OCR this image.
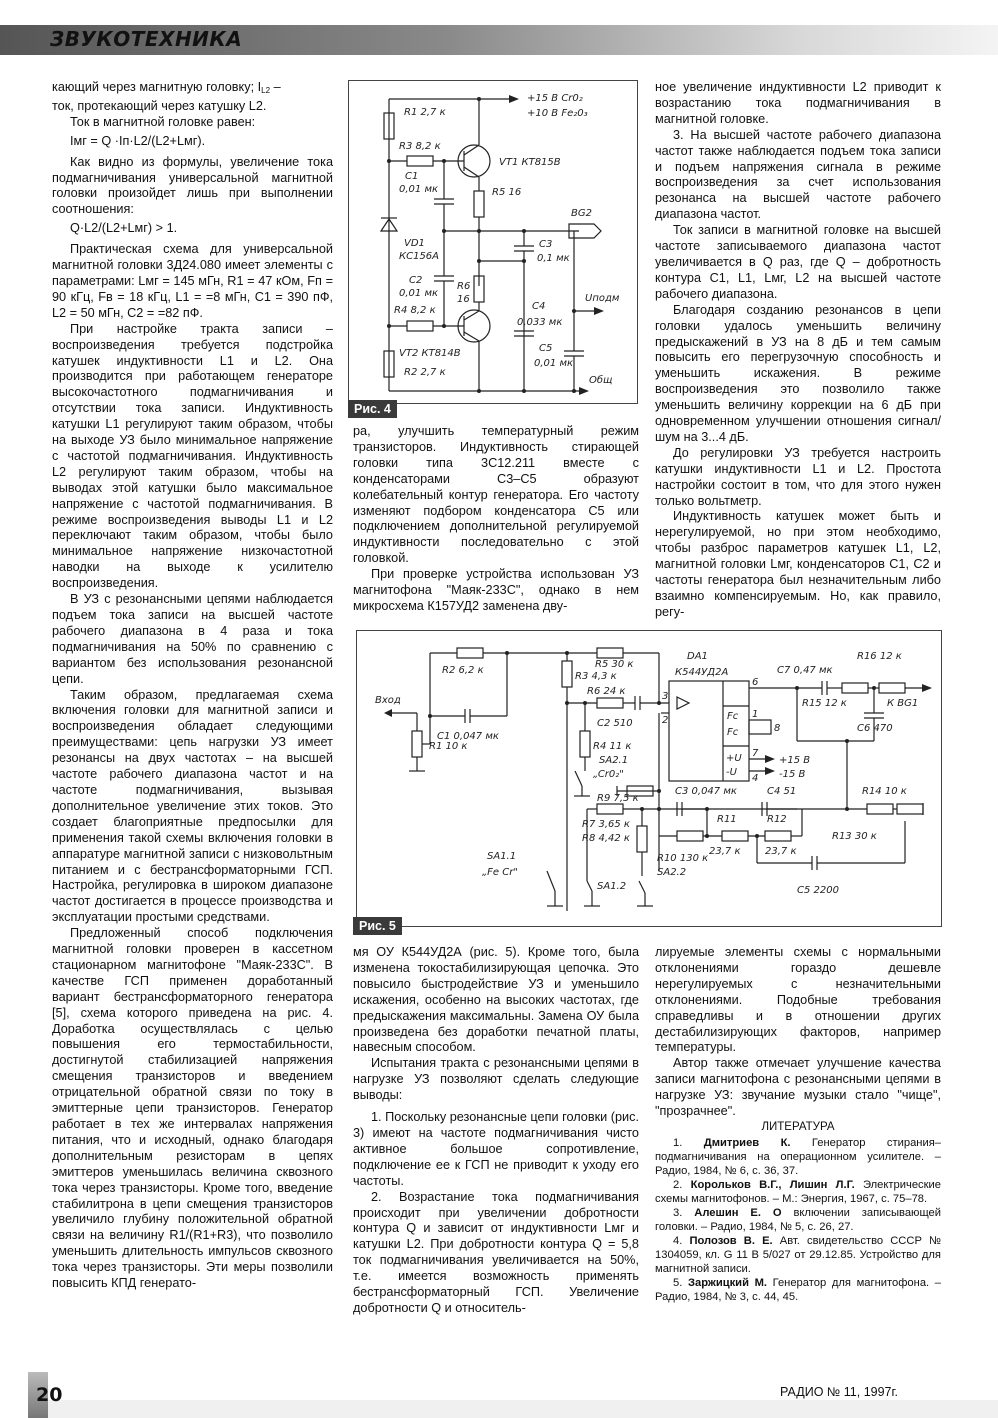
ЗВУКОТЕХНИКА

кающий через магнитную головку; $I_{L2}$ –

ток, протекающий через катушку L2.

Ток в магнитной головке равен:

Iмг = Q ·Iп·L2/(L2+Lмг).

Как видно из формулы, увеличение тока подмагничивания универсальной магнитной головки произойдет лишь при выполнении соотношения:

Q·L2/(L2+Lмг) > 1.

Практическая схема для универсальной магнитной головки 3Д24.080 имеет элементы с параметрами: Lмг = 145 мГн, R1 = 47 кОм, Fп = 90 кГц, Fв = 18 кГц, L1 = =8 мГн, С1 = 390 пФ, L2 = 50 мГн, С2 = =82 пФ.

При настройке тракта записи – воспроизведения требуется подстройка катушек индуктивности L1 и L2. Она производится при работающем генераторе высокочастотного подмагничивания и отсутствии тока записи. Индуктивность катушки L1 регулируют таким образом, чтобы на выходе УЗ было минимальное напряжение с частотой подмагничивания. Индуктивность L2 регулируют таким образом, чтобы на выводах этой катушки было максимальное напряжение с частотой подмагничивания. В режиме воспроизведения выводы L1 и L2 переключают таким образом, чтобы было минимальное напряжение низкочастотной наводки на выходе к усилителю воспроизведения.

В УЗ с резонансными цепями наблюдается подъем тока записи на высшей частоте рабочего диапазона в 4 раза и тока подмагничивания на 50% по сравнению с вариантом без использования резонансной цепи.

Таким образом, предлагаемая схема включения головки для магнитной записи и воспроизведения обладает следующими преимуществами: цепь нагрузки УЗ имеет резонансы на двух частотах – на высшей частоте рабочего диапазона частот и на частоте подмагничивания, вызывая дополнительное увеличение этих токов. Это создает благоприятные предпосылки для применения такой схемы включения головки в аппаратуре магнитной записи с низковольтным питанием и с бестрансформаторными ГСП. Настройка, регулировка в широком диапазоне частот достигается в процессе производства и эксплуатации простыми средствами.

Предложенный способ подключения магнитной головки проверен в кассетном стационарном магнитофоне "Маяк-233С". В качестве ГСП применен доработанный вариант бестрансформаторного генератора [5], схема которого приведена на рис. 4. Доработка осуществлялась с целью повышения его термостабильности, достигнутой стабилизацией напряжения смещения транзисторов и введением отрицательной обратной связи по току в эмиттерные цепи транзисторов. Генератор работает в тех же интервалах напряжения питания, что и исходный, однако благодаря дополнительным резисторам в цепях эмиттеров уменьшилась величина сквозного тока через транзисторы. Кроме того, введение стабилитрона в цепи смещения транзисторов увеличило глубину положительной обратной связи на величину R1/(R1+R3), что позволило уменьшить длительность импульсов сквозного тока через транзисторы. Эти меры позволили повысить КПД генерато-

+15 В Cr0₂
+10 В Fe₂0₃
R1 2,7 к
R3 8,2 к
C1
0,01 мк
VT1 КТ815В
R5 16
BG2
VD1
КС156А
C3
0,1 мк
C2
0,01 мк
R6
16
R4 8,2 к	C4
0,033 мк
Uподм
VT2 КТ814В
R2 2,7 к
C5
0,01 мк
Общ
Рис. 4

ра, улучшить температурный режим транзисторов. Индуктивность стирающей головки типа 3С12.211 вместе с конденсаторами С3–С5 образуют колебательный контур генератора. Его частоту изменяют подбором конденсатора С5 или подключением дополнительной регулируемой индуктивности последовательно с этой головкой.

При проверке устройства использован УЗ магнитофона "Маяк-233С", однако в нем микросхема К157УД2 заменена дву-

ное увеличение индуктивности L2 приводит к возрастанию тока подмагничивания в магнитной головке.

3. На высшей частоте рабочего диапазона частот также наблюдается подъем тока записи и подъем напряжения сигнала в режиме воспроизведения за счет использования резонанса на высшей частоте рабочего диапазона частот.

Ток записи в магнитной головке на высшей частоте записываемого диапазона частот увеличивается в Q раз, где Q – добротность контура С1, L1, Lмг, L2 на высшей частоте рабочего диапазона.

Благодаря созданию резонансов в цепи головки удалось уменьшить величину предыскажений в УЗ на 8 дБ и тем самым повысить его перегрузочную способность и уменьшить искажения. В режиме воспроизведения это позволило также уменьшить величину коррекции на 6 дБ при одновременном улучшении отношения сигнал/шум на 3...4 дБ.

До регулировки УЗ требуется настроить катушки индуктивности L1 и L2. Простота настройки состоит в том, что для этого нужен только вольтметр.

Индуктивность катушек может быть и нерегулируемой, но при этом необходимо, чтобы разброс параметров катушек L1, L2, магнитной головки Lмг, конденсаторов С1, С2 и частоты генератора был незначительным либо взаимно компенсируемым. Но, как правило, регу-

Вход
R1 10 к
R2 6,2 к
C1 0,047 мк
R3 4,3 к
R5 30 к
R6 24 к
C2 510
R4 11 к
SA2.1
„Cr0₂"
R9 7,5 к
R7 3,65 к
R8 4,42 к
SA1.1
„Fe Cr"
SA1.2
R10 130 к
SA2.2
DA1
К544УД2А
3
2
6
1
8
7
4
Fc
Fc
+U
-U
+15 В
-15 В
C7 0,47 мк
R16 12 к
R15 12 к	К BG1
C6 470
C3 0,047 мк	C4 51	R14 10 к
R11
23,7 к
R12
23,7 к
R13 30 к
C5 2200
Рис. 5

мя ОУ К544УД2А (рис. 5). Кроме того, была изменена токостабилизирующая цепочка. Это повысило быстродействие УЗ и уменьшило искажения, особенно на высоких частотах, где предыскажения максимальны. Замена ОУ была произведена без доработки печатной платы, навесным способом.

Испытания тракта с резонансными цепями в нагрузке УЗ позволяют сделать следующие выводы:

1. Поскольку резонансные цепи головки (рис. 3) имеют на частоте подмагничивания чисто активное большое сопротивление, подключение ее к ГСП не приводит к уходу его частоты.

2. Возрастание тока подмагничивания происходит при увеличении добротности контура Q и зависит от индуктивности Lмг и катушки L2. При добротности контура Q = 5,8 ток подмагничивания увеличивается на 50%, т.е. имеется возможность применять бестрансформаторный ГСП. Увеличение добротности Q и относитель-

лируемые элементы схемы с нормальными отклонениями гораздо дешевле нерегулируемых с незначительными отклонениями. Подобные требования справедливы и в отношении других дестабилизирующих факторов, например температуры.

Автор также отмечает улучшение качества записи магнитофона с резонансными цепями в нагрузке УЗ: звучание музыки стало "чище", "прозрачнее".

ЛИТЕРАТУРА

1. Дмитриев К. Генератор стирания–подмагничивания на операционном усилителе. – Радио, 1984, № 6, с. 36, 37.

2. Корольков В.Г., Лишин Л.Г. Электрические схемы магнитофонов. – М.: Энергия, 1967, с. 75–78.

3. Алешин Е. О включении записывающей головки. – Радио, 1984, № 5, с. 26, 27.

4. Полозов В. Е. Авт. свидетельство СССР № 1304059, кл. G 11 B 5/027 от 29.12.85. Устройство для магнитной записи.

5. Заржицкий М. Генератор для магнитофона. – Радио, 1984, № 3, с. 44, 45.

20	РАДИО № 11, 1997г.
